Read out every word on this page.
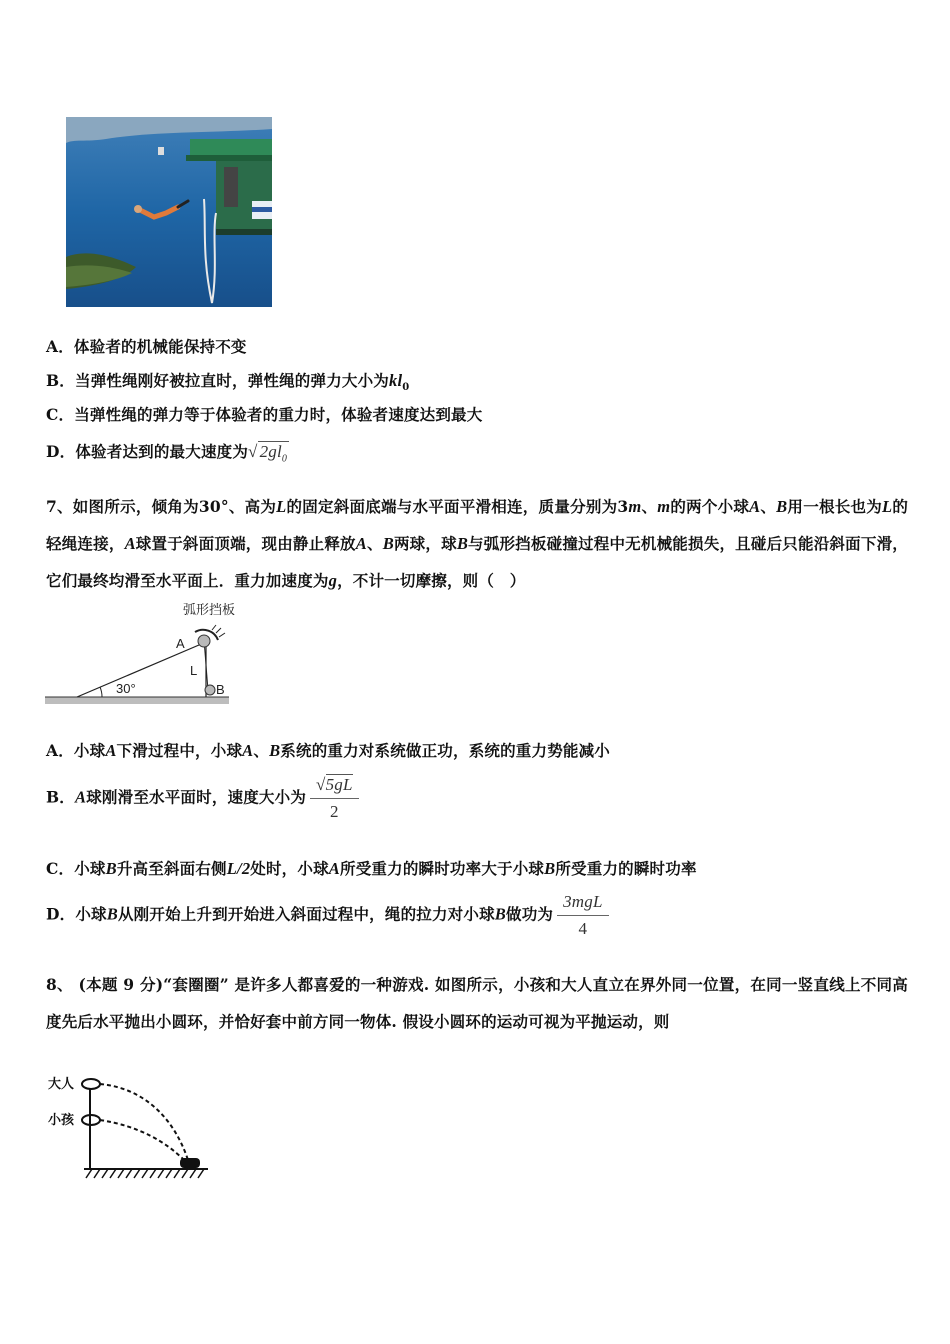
A．体验者的机械能保持不变
B．当弹性绳刚好被拉直时，弹性绳的弹力大小为$kl_0$
C．当弹性绳的弹力等于体验者的重力时，体验者速度达到最大
D．体验者达到的最大速度为√ $2gl_0$
7、如图所示，倾角为30°、高为L的固定斜面底端与水平面平滑相连，质量分别为3m、m的两个小球A、B用一根长也为L的轻绳连接，A球置于斜面顶端，现由静止释放A、B两球，球B与弧形挡板碰撞过程中无机械能损失，且碰后只能沿斜面下滑，它们最终均滑至水平面上．重力加速度为g，不计一切摩擦，则（　）
弧形挡板
A
L
B
30°
A．小球A下滑过程中，小球A、B系统的重力对系统做正功，系统的重力势能减小
B．A球刚滑至水平面时，速度大小为 $\frac{√5gL}{2}$
C．小球B升高至斜面右侧L/2处时，小球A所受重力的瞬时功率大于小球B所受重力的瞬时功率
D．小球B从刚开始上升到开始进入斜面过程中，绳的拉力对小球B做功为 $\frac{\text{3mgL}}{4}$
8、 (本题 9 分)“套圈圈” 是许多人都喜爱的一种游戏. 如图所示，小孩和大人直立在界外同一位置，在同一竖直线上不同高度先后水平抛出小圆环，并恰好套中前方同一物体. 假设小圆环的运动可视为平抛运动，则
大人
小孩
